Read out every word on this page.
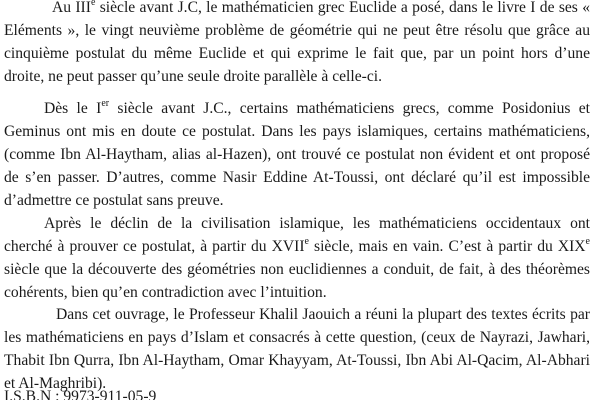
Au IIIe siècle avant J.C, le mathématicien grec Euclide a posé, dans le livre I de ses « Eléments », le vingt neuvième problème de géométrie qui ne peut être résolu que grâce au cinquième postulat du même Euclide et qui exprime le fait que, par un point hors d’une droite, ne peut passer qu’une seule droite parallèle à celle-ci.

Dès le Ier siècle avant J.C., certains mathématiciens grecs, comme Posidonius et Geminus ont mis en doute ce postulat. Dans les pays islamiques, certains mathématiciens, (comme Ibn Al-Haytham, alias al-Hazen), ont trouvé ce postulat non évident et ont proposé de s’en passer. D’autres, comme Nasir Eddine At-Toussi, ont déclaré qu’il est impossible d’admettre ce postulat sans preuve.

Après le déclin de la civilisation islamique, les mathématiciens occidentaux ont cherché à prouver ce postulat, à partir du XVIIe siècle, mais en vain. C’est à partir du XIXe siècle que la découverte des géométries non euclidiennes a conduit, de fait, à des théorèmes cohérents, bien qu’en contradiction avec l’intuition.

Dans cet ouvrage, le Professeur Khalil Jaouich a réuni la plupart des textes écrits par les mathématiciens en pays d’Islam et consacrés à cette question, (ceux de Nayrazi, Jawhari, Thabit Ibn Qurra, Ibn Al-Haytham, Omar Khayyam, At-Toussi, Ibn Abi Al-Qacim, Al-Abhari et Al-Maghribi).

I.S.B.N : 9973-911-05-9
